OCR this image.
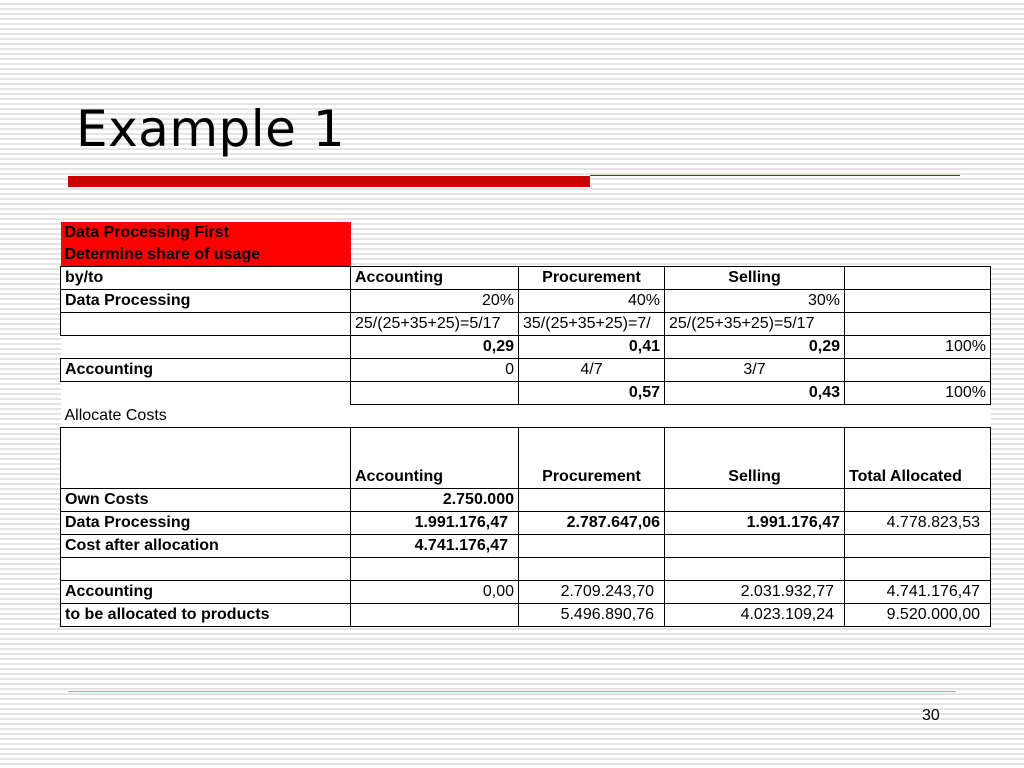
Example 1
Data Processing First				
Determine share of usage				
by/to	Accounting	Procurement	Selling	
Data Processing	20%	40%	30%	
	25/(25+35+25)=5/17	35/(25+35+25)=7/	25/(25+35+25)=5/17	
	0,29	0,41	0,29	100%
Accounting	0	4/7	3/7	
		0,57	0,43	100%
Allocate Costs				
	Accounting	Procurement	Selling	Total Allocated
Own Costs	2.750.000			
Data Processing	1.991.176,47	2.787.647,06	1.991.176,47	4.778.823,53
Cost after allocation	4.741.176,47			

Accounting	0,00	2.709.243,70	2.031.932,77	4.741.176,47
to be allocated to products		5.496.890,76	4.023.109,24	9.520.000,00
30
